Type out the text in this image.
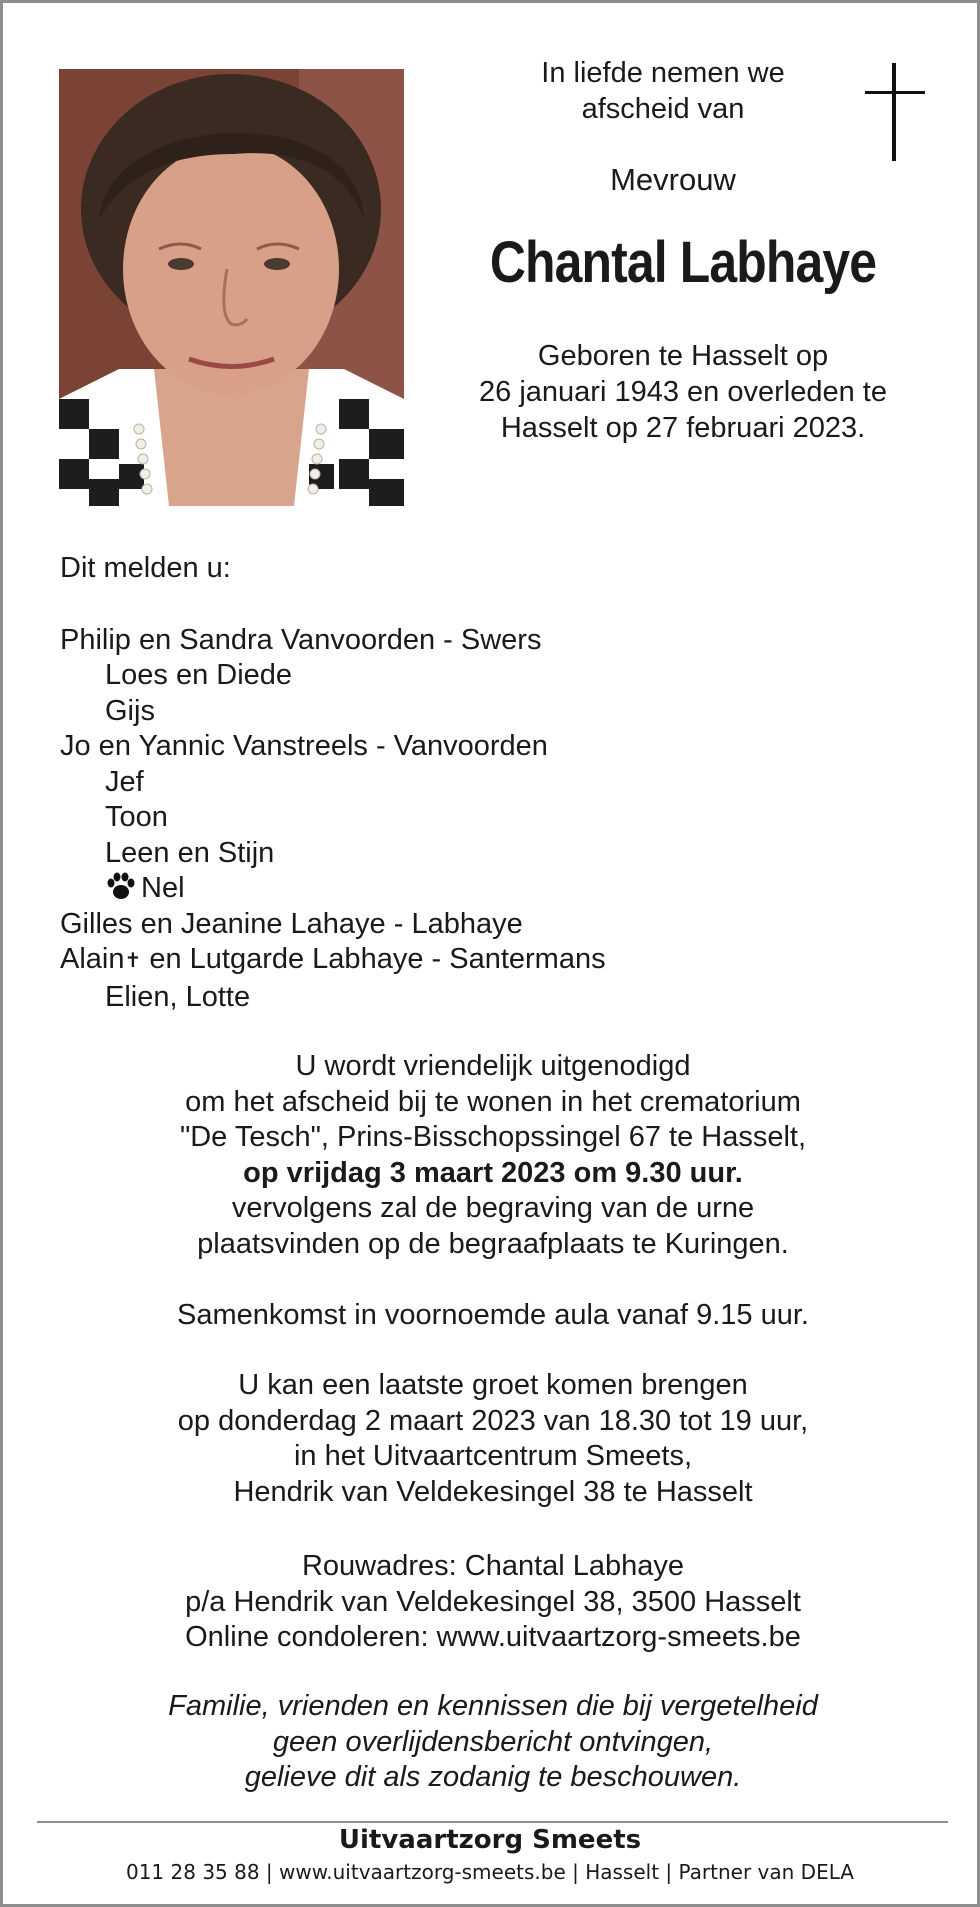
In liefde nemen we
afscheid van
Mevrouw
Chantal Labhaye
Geboren te Hasselt op
26 januari 1943 en overleden te
Hasselt op 27 februari 2023.
Dit melden u:
Philip en Sandra Vanvoorden - Swers
Loes en Diede
Gijs
Jo en Yannic Vanstreels - Vanvoorden
Jef
Toon
Leen en Stijn
Nel
Gilles en Jeanine Lahaye - Labhaye
Alain✝ en Lutgarde Labhaye - Santermans
Elien, Lotte
U wordt vriendelijk uitgenodigd
om het afscheid bij te wonen in het crematorium
"De Tesch", Prins-Bisschopssingel 67 te Hasselt,
op vrijdag 3 maart 2023 om 9.30 uur.
vervolgens zal de begraving van de urne
plaatsvinden op de begraafplaats te Kuringen.
Samenkomst in voornoemde aula vanaf 9.15 uur.
U kan een laatste groet komen brengen
op donderdag 2 maart 2023 van 18.30 tot 19 uur,
in het Uitvaartcentrum Smeets,
Hendrik van Veldekesingel 38 te Hasselt
Rouwadres: Chantal Labhaye
p/a Hendrik van Veldekesingel 38, 3500 Hasselt
Online condoleren: www.uitvaartzorg-smeets.be
Familie, vrienden en kennissen die bij vergetelheid
geen overlijdensbericht ontvingen,
gelieve dit als zodanig te beschouwen.
Uitvaartzorg Smeets
011 28 35 88 | www.uitvaartzorg-smeets.be | Hasselt | Partner van DELA
